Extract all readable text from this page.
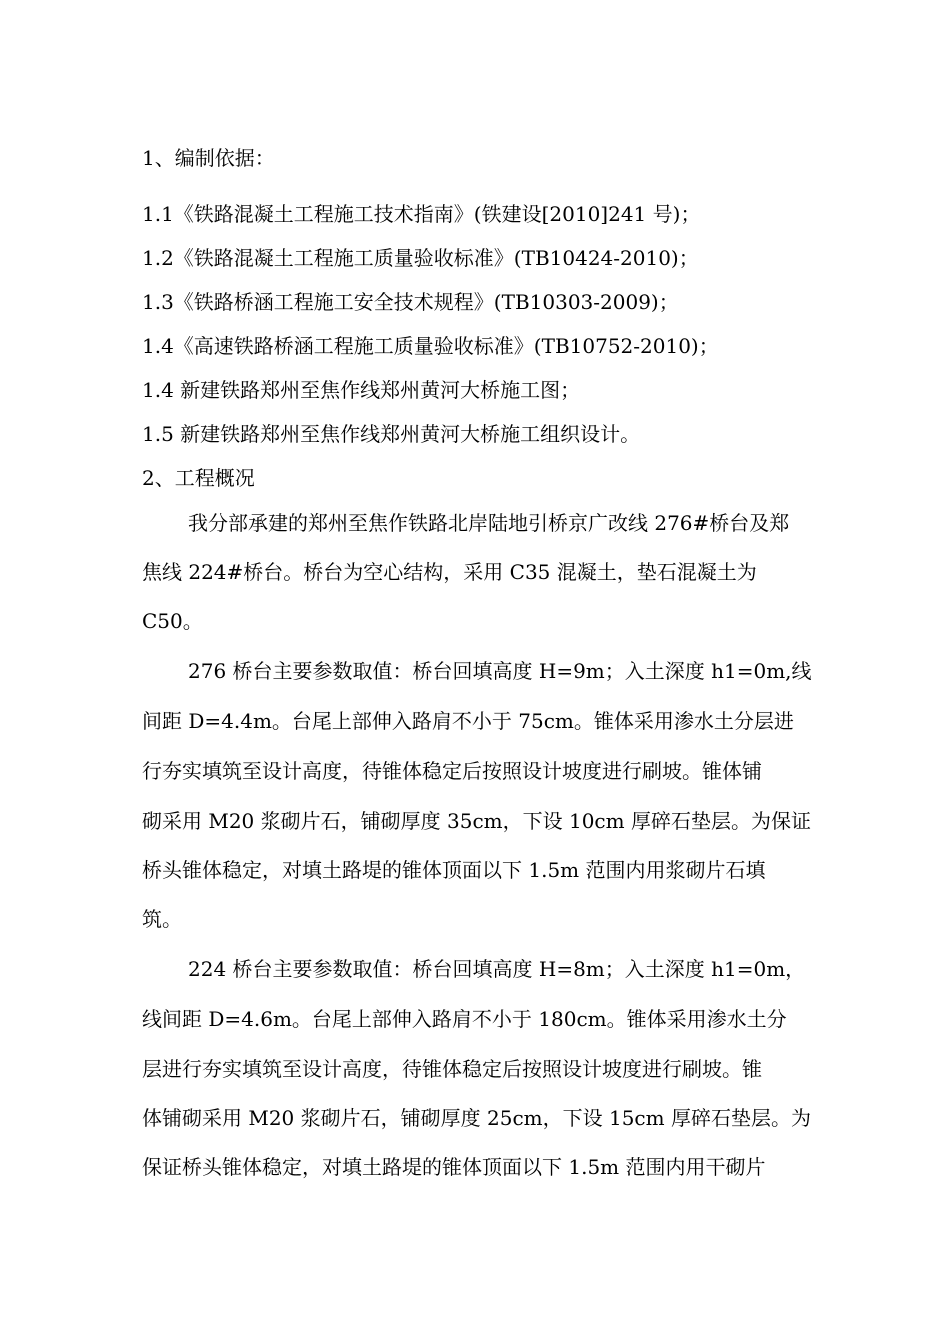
1、编制依据：
1.1《铁路混凝土工程施工技术指南》(铁建设[2010]241 号)；
1.2《铁路混凝土工程施工质量验收标准》(TB10424-2010)；
1.3《铁路桥涵工程施工安全技术规程》(TB10303-2009)；
1.4《高速铁路桥涵工程施工质量验收标准》(TB10752-2010)；
1.4 新建铁路郑州至焦作线郑州黄河大桥施工图；
1.5 新建铁路郑州至焦作线郑州黄河大桥施工组织设计。
2、工程概况
我分部承建的郑州至焦作铁路北岸陆地引桥京广改线 276#桥台及郑
焦线 224#桥台。桥台为空心结构，采用 C35 混凝土，垫石混凝土为
C50。
276 桥台主要参数取值：桥台回填高度 H=9m；入土深度 h1=0m,线
间距 D=4.4m。台尾上部伸入路肩不小于 75cm。锥体采用渗水土分层进
行夯实填筑至设计高度，待锥体稳定后按照设计坡度进行刷坡。锥体铺
砌采用 M20 浆砌片石，铺砌厚度 35cm，下设 10cm 厚碎石垫层。为保证
桥头锥体稳定，对填土路堤的锥体顶面以下 1.5m 范围内用浆砌片石填
筑。
224 桥台主要参数取值：桥台回填高度 H=8m；入土深度 h1=0m，
线间距 D=4.6m。台尾上部伸入路肩不小于 180cm。锥体采用渗水土分
层进行夯实填筑至设计高度，待锥体稳定后按照设计坡度进行刷坡。锥
体铺砌采用 M20 浆砌片石，铺砌厚度 25cm，下设 15cm 厚碎石垫层。为
保证桥头锥体稳定，对填土路堤的锥体顶面以下 1.5m 范围内用干砌片
